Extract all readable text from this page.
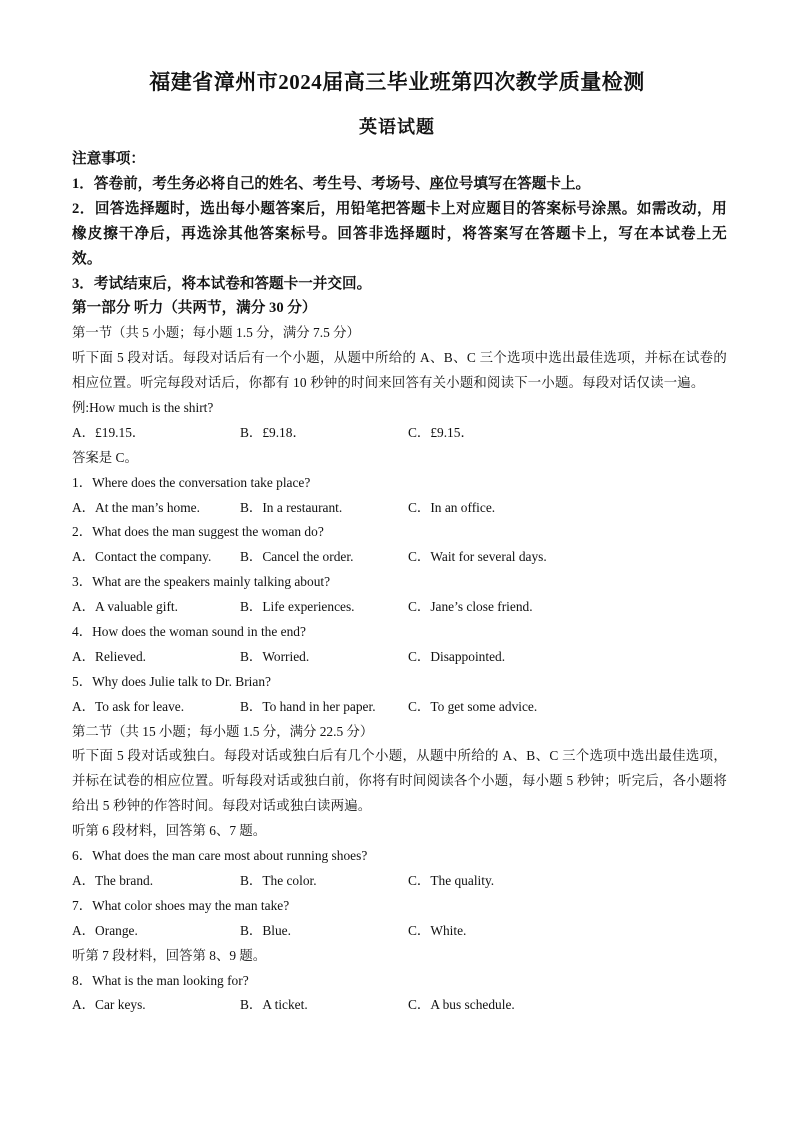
福建省漳州市2024届高三毕业班第四次教学质量检测
英语试题
注意事项：
1．答卷前，考生务必将自己的姓名、考生号、考场号、座位号填写在答题卡上。
2．回答选择题时，选出每小题答案后，用铅笔把答题卡上对应题目的答案标号涂黑。如需改动，用橡皮擦干净后，再选涂其他答案标号。回答非选择题时，将答案写在答题卡上，写在本试卷上无效。
3．考试结束后，将本试卷和答题卡一并交回。
第一部分 听力（共两节，满分 30 分）
第一节（共 5 小题；每小题 1.5 分，满分 7.5 分）
听下面 5 段对话。每段对话后有一个小题，从题中所给的 A、B、C 三个选项中选出最佳选项，并标在试卷的相应位置。听完每段对话后，你都有 10 秒钟的时间来回答有关小题和阅读下一小题。每段对话仅读一遍。
例:How much is the shirt?
A．£19.15．	B．£9.18．	C．£9.15．
答案是 C。
1．Where does the conversation take place?
A．At the man’s home.	B．In a restaurant.	C．In an office.
2．What does the man suggest the woman do?
A．Contact the company.	B．Cancel the order.	C．Wait for several days.
3．What are the speakers mainly talking about?
A．A valuable gift.	B．Life experiences.	C．Jane’s close friend.
4．How does the woman sound in the end?
A．Relieved.	B．Worried.	C．Disappointed.
5．Why does Julie talk to Dr. Brian?
A．To ask for leave.	B．To hand in her paper.	C．To get some advice.
第二节（共 15 小题；每小题 1.5 分，满分 22.5 分）
听下面 5 段对话或独白。每段对话或独白后有几个小题，从题中所给的 A、B、C 三个选项中选出最佳选项，并标在试卷的相应位置。听每段对话或独白前，你将有时间阅读各个小题，每小题 5 秒钟；听完后，各小题将给出 5 秒钟的作答时间。每段对话或独白读两遍。
听第 6 段材料，回答第 6、7 题。
6．What does the man care most about running shoes?
A．The brand.	B．The color.	C．The quality.
7．What color shoes may the man take?
A．Orange.	B．Blue.	C．White.
听第 7 段材料，回答第 8、9 题。
8．What is the man looking for?
A．Car keys.	B．A ticket.	C．A bus schedule.
